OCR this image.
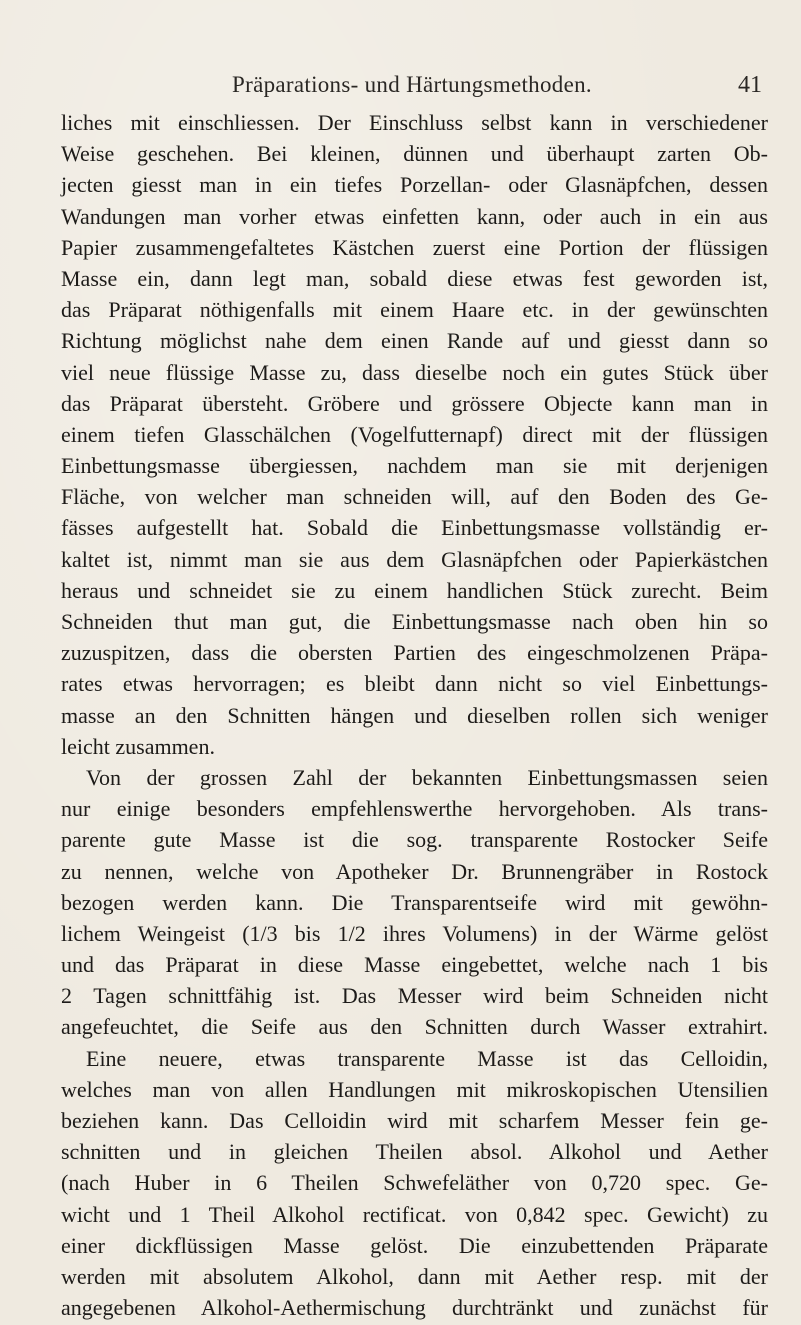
Präparations- und Härtungsmethoden.	41
liches mit einschliessen. Der Einschluss selbst kann in verschiedener
Weise geschehen. Bei kleinen, dünnen und überhaupt zarten Ob-
jecten giesst man in ein tiefes Porzellan- oder Glasnäpfchen, dessen
Wandungen man vorher etwas einfetten kann, oder auch in ein aus
Papier zusammengefaltetes Kästchen zuerst eine Portion der flüssigen
Masse ein, dann legt man, sobald diese etwas fest geworden ist,
das Präparat nöthigenfalls mit einem Haare etc. in der gewünschten
Richtung möglichst nahe dem einen Rande auf und giesst dann so
viel neue flüssige Masse zu, dass dieselbe noch ein gutes Stück über
das Präparat übersteht. Gröbere und grössere Objecte kann man in
einem tiefen Glasschälchen (Vogelfutternapf) direct mit der flüssigen
Einbettungsmasse übergiessen, nachdem man sie mit derjenigen
Fläche, von welcher man schneiden will, auf den Boden des Ge-
fässes aufgestellt hat. Sobald die Einbettungsmasse vollständig er-
kaltet ist, nimmt man sie aus dem Glasnäpfchen oder Papierkästchen
heraus und schneidet sie zu einem handlichen Stück zurecht. Beim
Schneiden thut man gut, die Einbettungsmasse nach oben hin so
zuzuspitzen, dass die obersten Partien des eingeschmolzenen Präpa-
rates etwas hervorragen; es bleibt dann nicht so viel Einbettungs-
masse an den Schnitten hängen und dieselben rollen sich weniger
leicht zusammen.
Von der grossen Zahl der bekannten Einbettungsmassen seien
nur einige besonders empfehlenswerthe hervorgehoben. Als trans-
parente gute Masse ist die sog. transparente Rostocker Seife
zu nennen, welche von Apotheker Dr. Brunnengräber in Rostock
bezogen werden kann. Die Transparentseife wird mit gewöhn-
lichem Weingeist (1/3 bis 1/2 ihres Volumens) in der Wärme gelöst
und das Präparat in diese Masse eingebettet, welche nach 1 bis
2 Tagen schnittfähig ist. Das Messer wird beim Schneiden nicht
angefeuchtet, die Seife aus den Schnitten durch Wasser extrahirt.
Eine neuere, etwas transparente Masse ist das Celloidin,
welches man von allen Handlungen mit mikroskopischen Utensilien
beziehen kann. Das Celloidin wird mit scharfem Messer fein ge-
schnitten und in gleichen Theilen absol. Alkohol und Aether
(nach Huber in 6 Theilen Schwefeläther von 0,720 spec. Ge-
wicht und 1 Theil Alkohol rectificat. von 0,842 spec. Gewicht) zu
einer dickflüssigen Masse gelöst. Die einzubettenden Präparate
werden mit absolutem Alkohol, dann mit Aether resp. mit der
angegebenen Alkohol-Aethermischung durchtränkt und zunächst für
